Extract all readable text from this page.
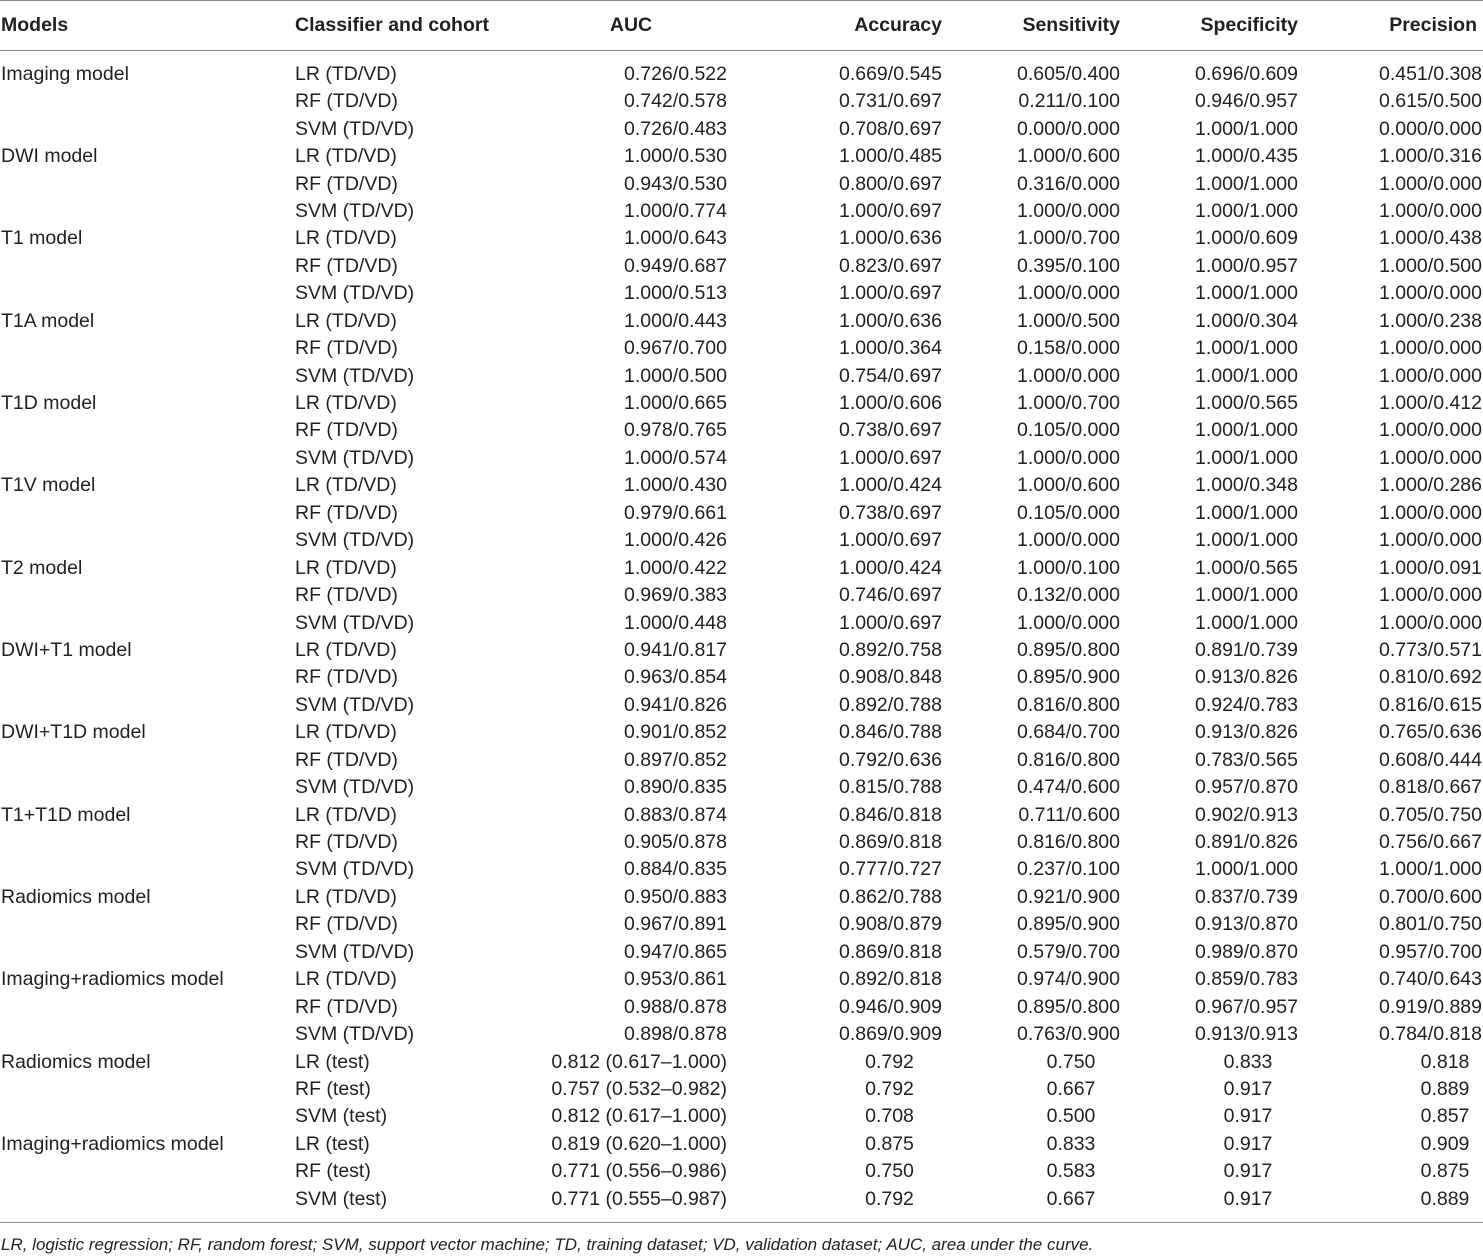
Models	Classifier and cohort	AUC	Accuracy	Sensitivity	Specificity	Precision
Imaging model	LR (TD/VD)	0.726/0.522	0.669/0.545	0.605/0.400	0.696/0.609	0.451/0.308
	RF (TD/VD)	0.742/0.578	0.731/0.697	0.211/0.100	0.946/0.957	0.615/0.500
	SVM (TD/VD)	0.726/0.483	0.708/0.697	0.000/0.000	1.000/1.000	0.000/0.000
DWI model	LR (TD/VD)	1.000/0.530	1.000/0.485	1.000/0.600	1.000/0.435	1.000/0.316
	RF (TD/VD)	0.943/0.530	0.800/0.697	0.316/0.000	1.000/1.000	1.000/0.000
	SVM (TD/VD)	1.000/0.774	1.000/0.697	1.000/0.000	1.000/1.000	1.000/0.000
T1 model	LR (TD/VD)	1.000/0.643	1.000/0.636	1.000/0.700	1.000/0.609	1.000/0.438
	RF (TD/VD)	0.949/0.687	0.823/0.697	0.395/0.100	1.000/0.957	1.000/0.500
	SVM (TD/VD)	1.000/0.513	1.000/0.697	1.000/0.000	1.000/1.000	1.000/0.000
T1A model	LR (TD/VD)	1.000/0.443	1.000/0.636	1.000/0.500	1.000/0.304	1.000/0.238
	RF (TD/VD)	0.967/0.700	1.000/0.364	0.158/0.000	1.000/1.000	1.000/0.000
	SVM (TD/VD)	1.000/0.500	0.754/0.697	1.000/0.000	1.000/1.000	1.000/0.000
T1D model	LR (TD/VD)	1.000/0.665	1.000/0.606	1.000/0.700	1.000/0.565	1.000/0.412
	RF (TD/VD)	0.978/0.765	0.738/0.697	0.105/0.000	1.000/1.000	1.000/0.000
	SVM (TD/VD)	1.000/0.574	1.000/0.697	1.000/0.000	1.000/1.000	1.000/0.000
T1V model	LR (TD/VD)	1.000/0.430	1.000/0.424	1.000/0.600	1.000/0.348	1.000/0.286
	RF (TD/VD)	0.979/0.661	0.738/0.697	0.105/0.000	1.000/1.000	1.000/0.000
	SVM (TD/VD)	1.000/0.426	1.000/0.697	1.000/0.000	1.000/1.000	1.000/0.000
T2 model	LR (TD/VD)	1.000/0.422	1.000/0.424	1.000/0.100	1.000/0.565	1.000/0.091
	RF (TD/VD)	0.969/0.383	0.746/0.697	0.132/0.000	1.000/1.000	1.000/0.000
	SVM (TD/VD)	1.000/0.448	1.000/0.697	1.000/0.000	1.000/1.000	1.000/0.000
DWI+T1 model	LR (TD/VD)	0.941/0.817	0.892/0.758	0.895/0.800	0.891/0.739	0.773/0.571
	RF (TD/VD)	0.963/0.854	0.908/0.848	0.895/0.900	0.913/0.826	0.810/0.692
	SVM (TD/VD)	0.941/0.826	0.892/0.788	0.816/0.800	0.924/0.783	0.816/0.615
DWI+T1D model	LR (TD/VD)	0.901/0.852	0.846/0.788	0.684/0.700	0.913/0.826	0.765/0.636
	RF (TD/VD)	0.897/0.852	0.792/0.636	0.816/0.800	0.783/0.565	0.608/0.444
	SVM (TD/VD)	0.890/0.835	0.815/0.788	0.474/0.600	0.957/0.870	0.818/0.667
T1+T1D model	LR (TD/VD)	0.883/0.874	0.846/0.818	0.711/0.600	0.902/0.913	0.705/0.750
	RF (TD/VD)	0.905/0.878	0.869/0.818	0.816/0.800	0.891/0.826	0.756/0.667
	SVM (TD/VD)	0.884/0.835	0.777/0.727	0.237/0.100	1.000/1.000	1.000/1.000
Radiomics model	LR (TD/VD)	0.950/0.883	0.862/0.788	0.921/0.900	0.837/0.739	0.700/0.600
	RF (TD/VD)	0.967/0.891	0.908/0.879	0.895/0.900	0.913/0.870	0.801/0.750
	SVM (TD/VD)	0.947/0.865	0.869/0.818	0.579/0.700	0.989/0.870	0.957/0.700
Imaging+radiomics model	LR (TD/VD)	0.953/0.861	0.892/0.818	0.974/0.900	0.859/0.783	0.740/0.643
	RF (TD/VD)	0.988/0.878	0.946/0.909	0.895/0.800	0.967/0.957	0.919/0.889
	SVM (TD/VD)	0.898/0.878	0.869/0.909	0.763/0.900	0.913/0.913	0.784/0.818
Radiomics model	LR (test)	0.812 (0.617–1.000)	0.792	0.750	0.833	0.818
	RF (test)	0.757 (0.532–0.982)	0.792	0.667	0.917	0.889
	SVM (test)	0.812 (0.617–1.000)	0.708	0.500	0.917	0.857
Imaging+radiomics model	LR (test)	0.819 (0.620–1.000)	0.875	0.833	0.917	0.909
	RF (test)	0.771 (0.556–0.986)	0.750	0.583	0.917	0.875
	SVM (test)	0.771 (0.555–0.987)	0.792	0.667	0.917	0.889
LR, logistic regression; RF, random forest; SVM, support vector machine; TD, training dataset; VD, validation dataset; AUC, area under the curve.
